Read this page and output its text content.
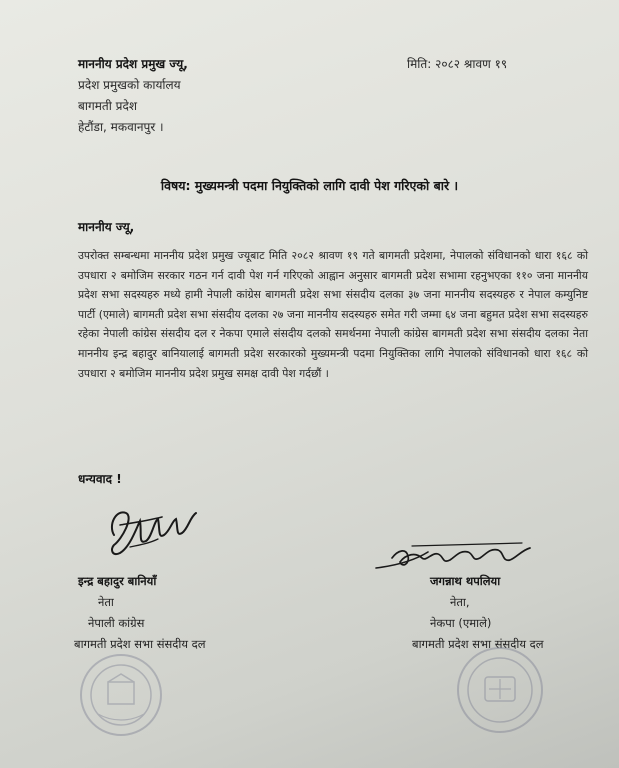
माननीय प्रदेश प्रमुख ज्यू,
प्रदेश प्रमुखको कार्यालय
बागमती प्रदेश
हेटौंडा, मकवानपुर ।
मिति: २०८२ श्रावण १९
विषय: मुख्यमन्त्री पदमा नियुक्तिको लागि दावी पेश गरिएको बारे ।
माननीय ज्यू,
उपरोक्त सम्बन्धमा माननीय प्रदेश प्रमुख ज्यूबाट मिति २०८२ श्रावण १९ गते बागमती प्रदेशमा, नेपालको संविधानको धारा १६८ को उपधारा २ बमोजिम सरकार गठन गर्न दावी पेश गर्न गरिएको आह्वान अनुसार बागमती प्रदेश सभामा रहनुभएका ११० जना माननीय प्रदेश सभा सदस्यहरु मध्ये हामी नेपाली कांग्रेस बागमती प्रदेश सभा संसदीय दलका ३७ जना माननीय सदस्यहरु र नेपाल कम्युनिष्ट पार्टी (एमाले) बागमती प्रदेश सभा संसदीय दलका २७ जना माननीय सदस्यहरु समेत गरी जम्मा ६४ जना बहुमत प्रदेश सभा सदस्यहरु रहेका नेपाली कांग्रेस संसदीय दल र नेकपा एमाले संसदीय दलको समर्थनमा नेपाली कांग्रेस बागमती प्रदेश सभा संसदीय दलका नेता माननीय इन्द्र बहादुर बानियालाई बागमती प्रदेश सरकारको मुख्यमन्त्री पदमा नियुक्तिका लागि नेपालको संविधानको धारा १६८ को उपधारा २ बमोजिम माननीय प्रदेश प्रमुख समक्ष दावी पेश गर्दछौं ।
धन्यवाद !
इन्द्र बहादुर बानियाँ
नेता
नेपाली कांग्रेस
बागमती प्रदेश सभा संसदीय दल
जगन्नाथ थपलिया
नेता,
नेकपा (एमाले)
बागमती प्रदेश सभा संसदीय दल
